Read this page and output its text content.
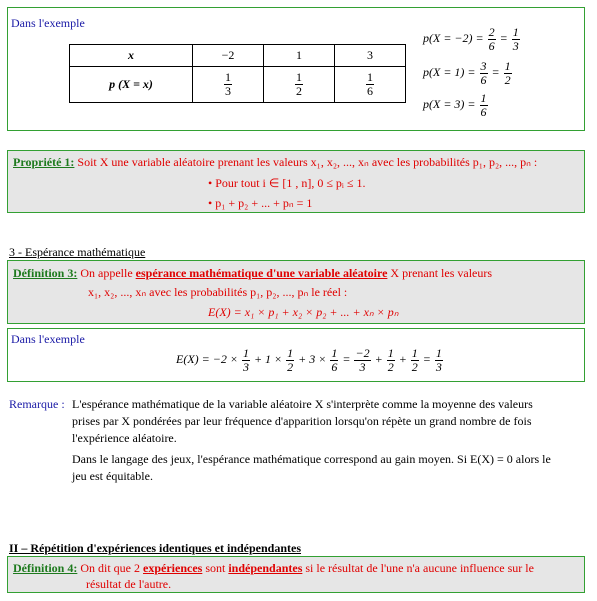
Dans l'exemple
x	−2	1	3
p (X = x)	$\frac{1}{3}$	$\frac{1}{2}$	$\frac{1}{6}$
$p(X = -2) = \frac{2}{6} = \frac{1}{3}$
$p(X = 1) = \frac{3}{6} = \frac{1}{2}$
$p(X = 3) = \frac{1}{6}$
Propriété 1: Soit X une variable aléatoire prenant les valeurs x₁, x₂, ..., xₙ avec les probabilités p₁, p₂, ..., pₙ :
• Pour tout i ∈ [1 , n], 0 ≤ pᵢ ≤ 1.
• p₁ + p₂ + ... + pₙ = 1
3 - Espérance mathématique
Définition 3: On appelle espérance mathématique d'une variable aléatoire X prenant les valeurs
x₁, x₂, ..., xₙ avec les probabilités p₁, p₂, ..., pₙ le réel :
E(X) = x₁ × p₁ + x₂ × p₂ + ... + xₙ × pₙ
Dans l'exemple
$E(X) = -2 \times \frac{1}{3} + 1 \times \frac{1}{2} + 3 \times \frac{1}{6} = \frac{-2}{3} + \frac{1}{2} + \frac{1}{2} = \frac{1}{3}$
Remarque : L'espérance mathématique de la variable aléatoire X s'interprète comme la moyenne des valeurs
prises par X pondérées par leur fréquence d'apparition lorsqu'on répète un grand nombre de fois
l'expérience aléatoire.
Dans le langage des jeux, l'espérance mathématique correspond au gain moyen. Si E(X) = 0 alors le
jeu est équitable.
II – Répétition d'expériences identiques et indépendantes
Définition 4: On dit que 2 expériences sont indépendantes si le résultat de l'une n'a aucune influence sur le
résultat de l'autre.
